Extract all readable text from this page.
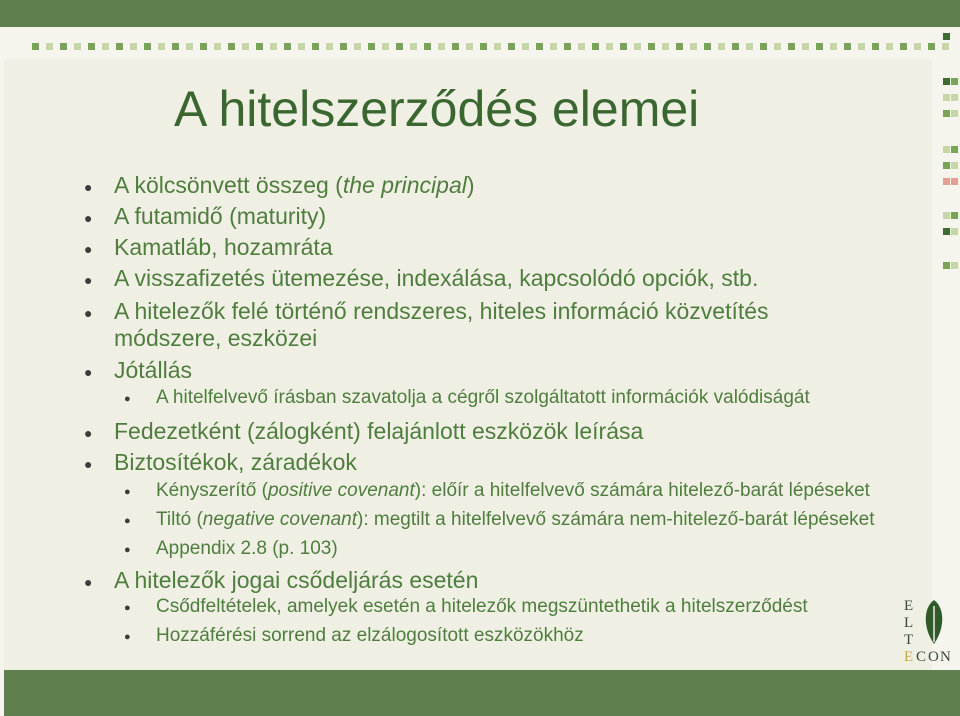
A hitelszerződés elemei
● A kölcsönvett összeg (the principal)
● A futamidő (maturity)
● Kamatláb, hozamráta
● A visszafizetés ütemezése, indexálása, kapcsolódó opciók, stb.
● A hitelezők felé történő rendszeres, hiteles információ közvetítés
módszere, eszközei
● Jótállás
● A hitelfelvevő írásban szavatolja a cégről szolgáltatott információk valódiságát
● Fedezetként (zálogként) felajánlott eszközök leírása
● Biztosítékok, záradékok
● Kényszerítő (positive covenant): előír a hitelfelvevő számára hitelező-barát lépéseket
● Tiltó (negative covenant): megtilt a hitelfelvevő számára nem-hitelező-barát lépéseket
● Appendix 2.8 (p. 103)
● A hitelezők jogai csődeljárás esetén
● Csődfeltételek, amelyek esetén a hitelezők megszüntethetik a hitelszerződést
● Hozzáférési sorrend az elzálogosított eszközökhöz
E
L
T
E C O N
